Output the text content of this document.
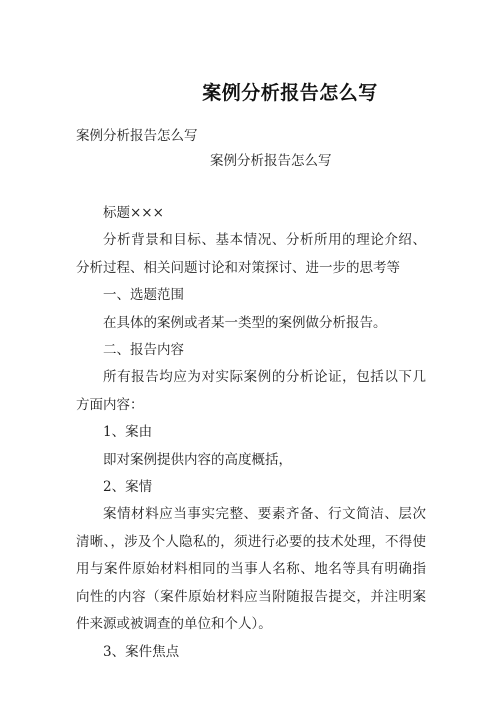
案例分析报告怎么写
案例分析报告怎么写
案例分析报告怎么写

标题×××

分析背景和目标、基本情况、分析所用的理论介绍、分析过程、相关问题讨论和对策探讨、进一步的思考等

一、选题范围

在具体的案例或者某一类型的案例做分析报告。

二、报告内容

所有报告均应为对实际案例的分析论证，包括以下几方面内容：

1、案由

即对案例提供内容的高度概括，

2、案情

案情材料应当事实完整、要素齐备、行文简洁、层次清晰、，涉及个人隐私的，须进行必要的技术处理，不得使用与案件原始材料相同的当事人名称、地名等具有明确指向性的内容（案件原始材料应当附随报告提交，并注明案件来源或被调查的单位和个人）。

3、案件焦点
